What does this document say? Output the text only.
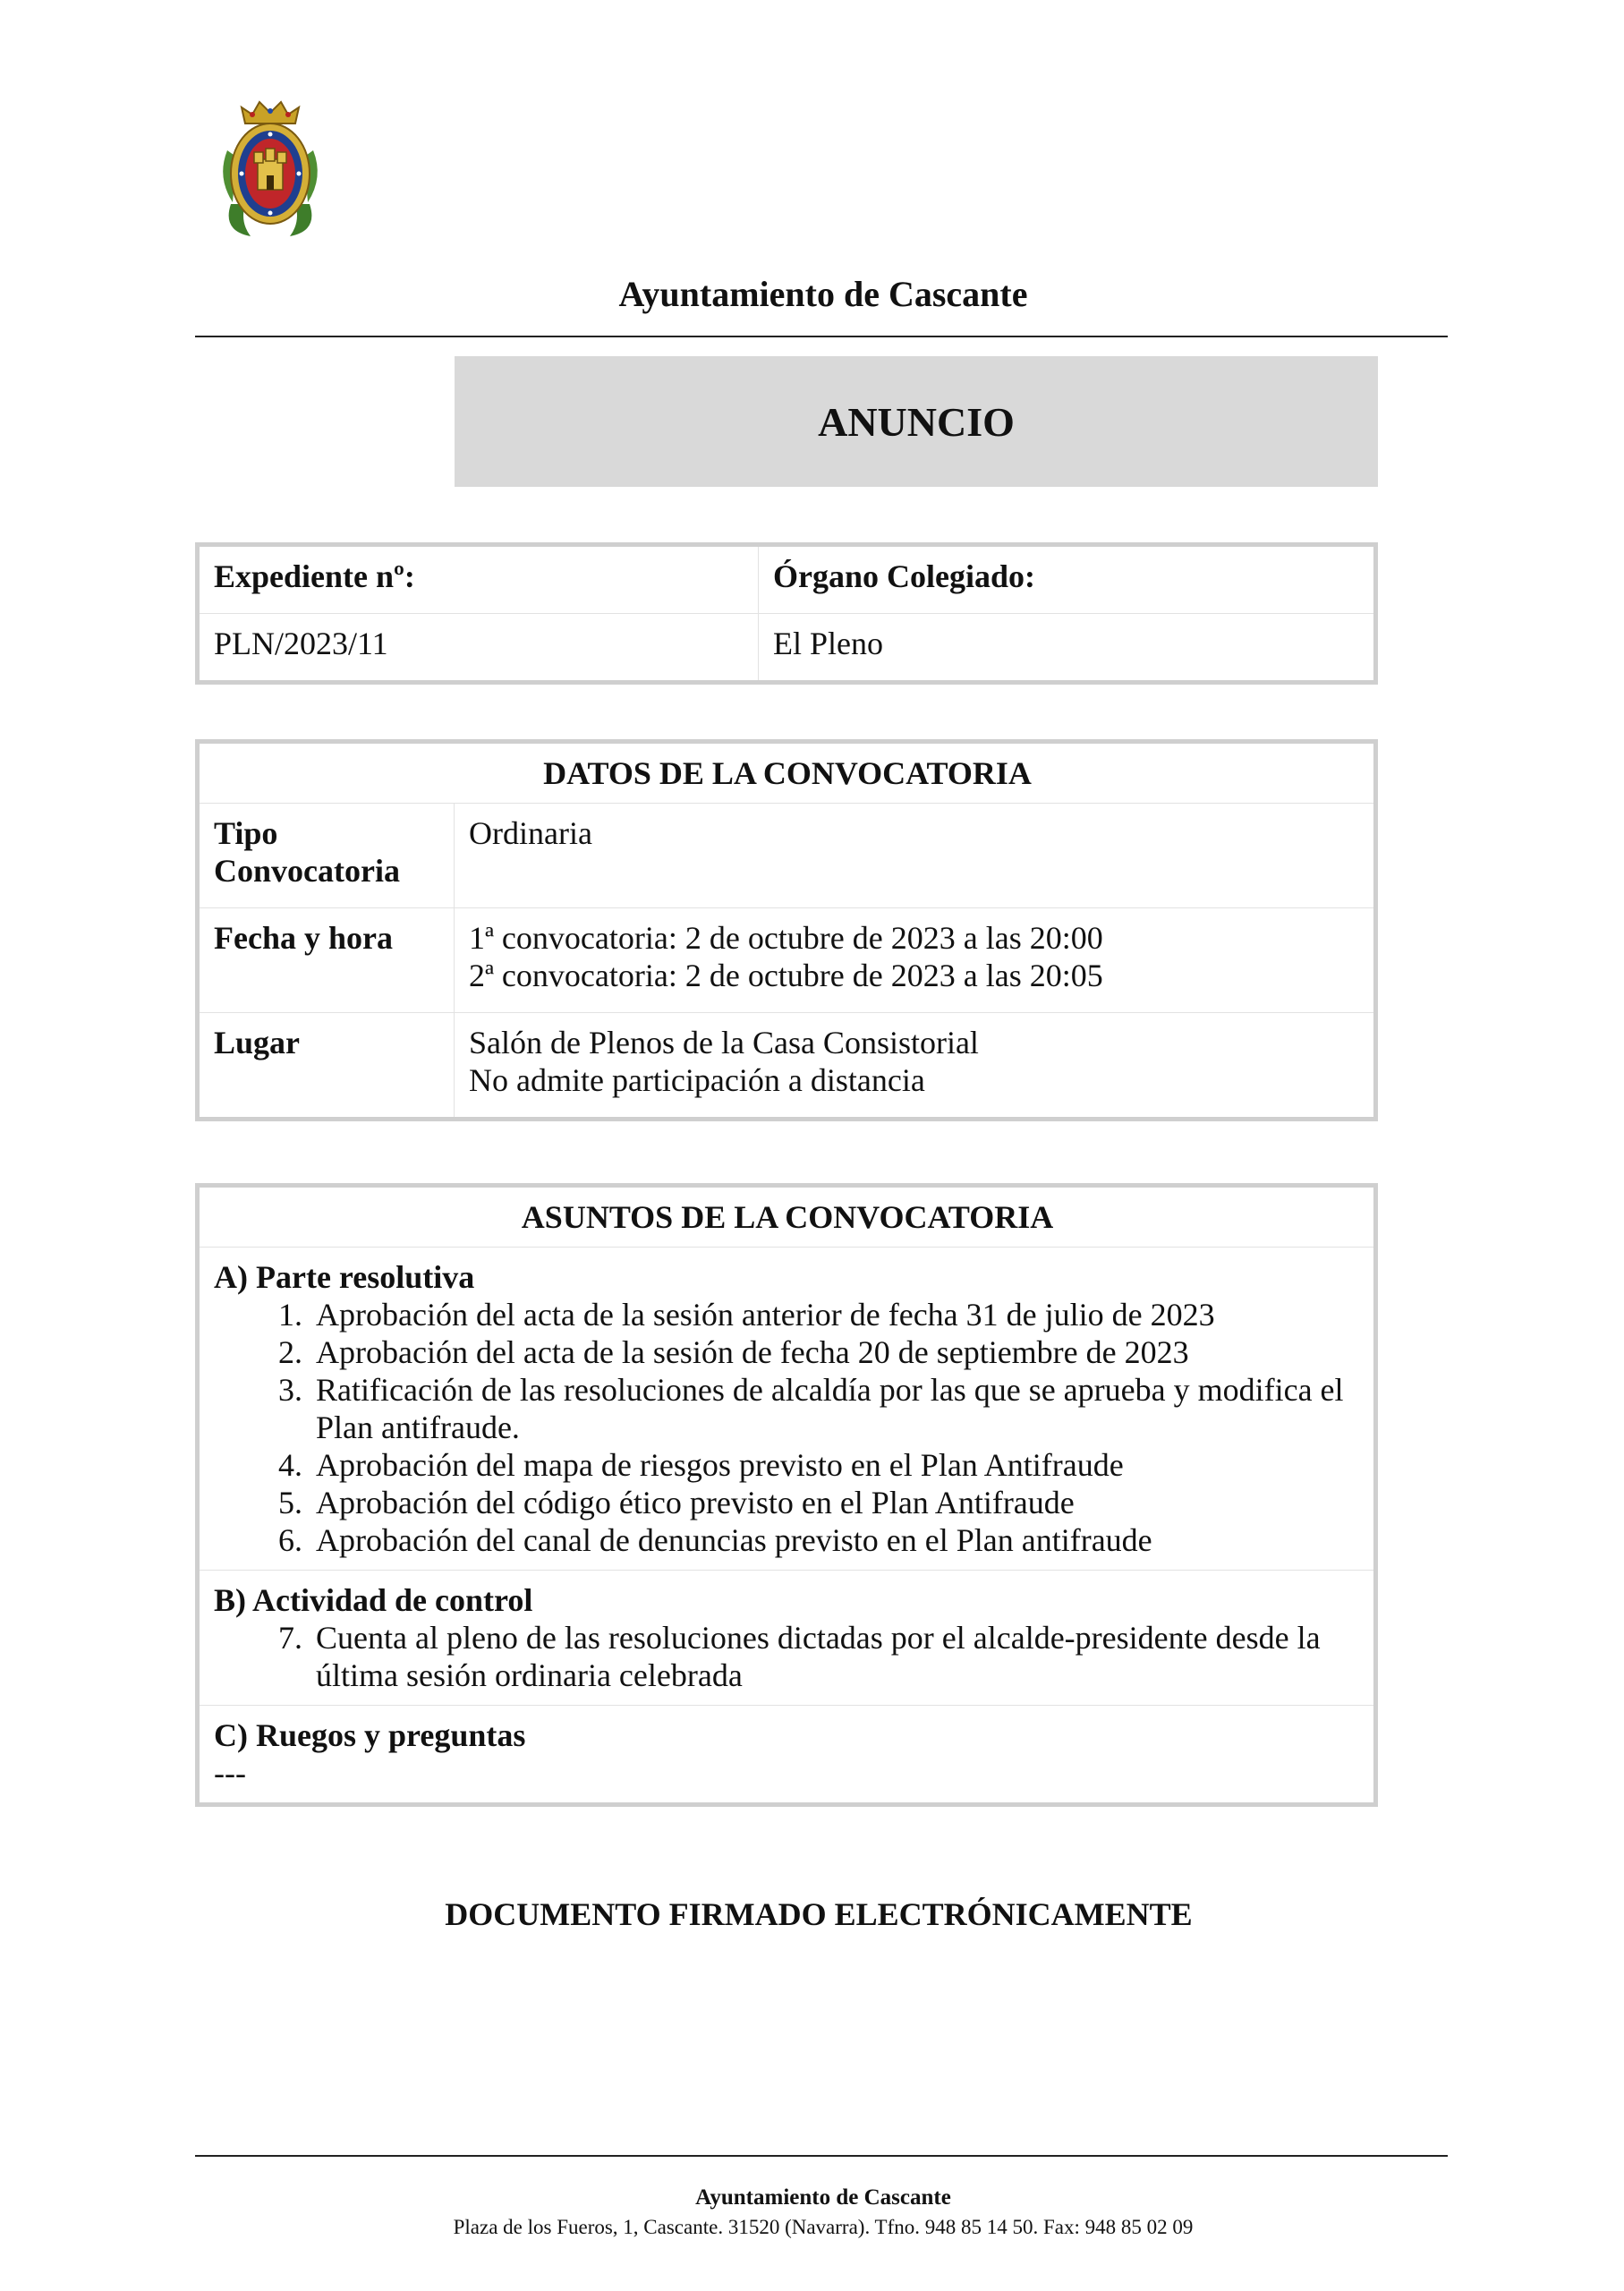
Ayuntamiento de Cascante
ANUNCIO
Expediente nº:	Órgano Colegiado:
PLN/2023/11	El Pleno
DATOS DE LA CONVOCATORIA	

Tipo
Convocatoria	Ordinaria
Fecha y hora	1ª convocatoria: 2 de octubre de 2023 a las 20:00
2ª convocatoria: 2 de octubre de 2023 a las 20:05

Lugar	Salón de Plenos de la Casa Consistorial
No admite participación a distancia
ASUNTOS DE LA CONVOCATORIA

A) Parte resolutiva
1. Aprobación del acta de la sesión anterior de fecha 31 de julio de 2023
2. Aprobación del acta de la sesión de fecha 20 de septiembre de 2023
3. Ratificación de las resoluciones de alcaldía por las que se aprueba y modifica el Plan antifraude.
4. Aprobación del mapa de riesgos previsto en el Plan Antifraude
5. Aprobación del código ético previsto en el Plan Antifraude
6. Aprobación del canal de denuncias previsto en el Plan antifraude

B) Actividad de control
7. Cuenta al pleno de las resoluciones dictadas por el alcalde-presidente desde la última sesión ordinaria celebrada

C) Ruegos y preguntas
---
DOCUMENTO FIRMADO ELECTRÓNICAMENTE
Ayuntamiento de Cascante
Plaza de los Fueros, 1, Cascante. 31520 (Navarra). Tfno. 948 85 14 50. Fax: 948 85 02 09
